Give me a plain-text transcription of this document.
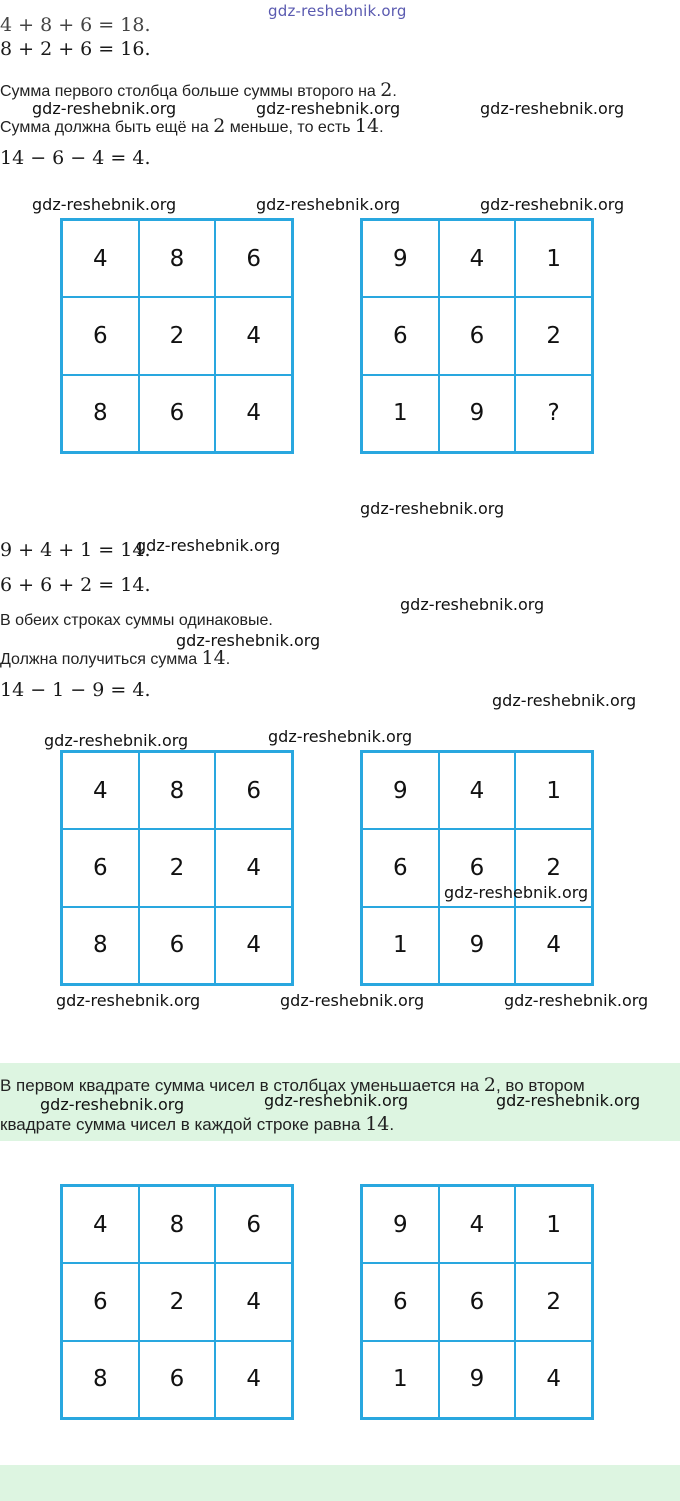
gdz-reshebnik.org
4 + 8 + 6 = 18.
8 + 2 + 6 = 16.
Сумма первого столбца больше суммы второго на 2.
gdz-reshebnik.org	gdz-reshebnik.org	gdz-reshebnik.org
Сумма должна быть ещё на 2 меньше, то есть 14.
14 − 6 − 4 = 4.
gdz-reshebnik.org	gdz-reshebnik.org	gdz-reshebnik.org
4	8	6
6	2	4
8	6	4
9	4	1
6	6	2
1	9	?
gdz-reshebnik.org
9 + 4 + 1 = 14.
gdz-reshebnik.org
6 + 6 + 2 = 14.
В обеих строках суммы одинаковые.
gdz-reshebnik.org
gdz-reshebnik.org
Должна получиться сумма 14.
14 − 1 − 9 = 4.	gdz-reshebnik.org
gdz-reshebnik.org	gdz-reshebnik.org
4	8	6
6	2	4
8	6	4
9	4	1
6	6	2
1	9	4
gdz-reshebnik.org
gdz-reshebnik.org	gdz-reshebnik.org	gdz-reshebnik.org
В первом квадрате сумма чисел в столбцах уменьшается на 2, во втором
gdz-reshebnik.org	gdz-reshebnik.org	gdz-reshebnik.org
квадрате сумма чисел в каждой строке равна 14.
4	8	6
6	2	4
8	6	4
9	4	1
6	6	2
1	9	4
